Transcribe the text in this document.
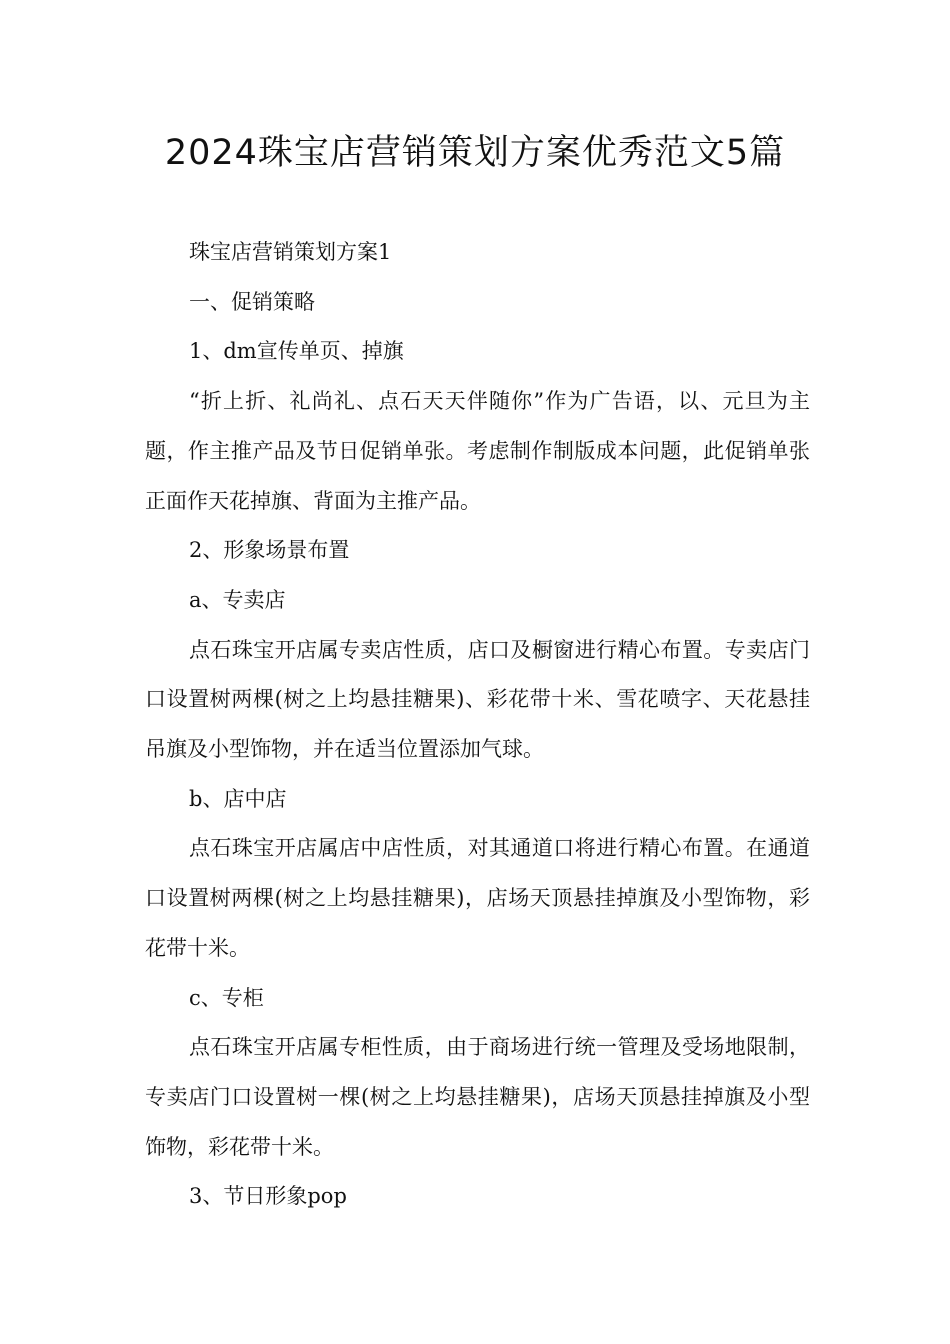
2024珠宝店营销策划方案优秀范文5篇

珠宝店营销策划方案1

一、促销策略

1、dm宣传单页、掉旗

“折上折、礼尚礼、点石天天伴随你”作为广告语，以、元旦为主题，作主推产品及节日促销单张。考虑制作制版成本问题，此促销单张正面作天花掉旗、背面为主推产品。

2、形象场景布置

a、专卖店

点石珠宝开店属专卖店性质，店口及橱窗进行精心布置。专卖店门口设置树两棵(树之上均悬挂糖果)、彩花带十米、雪花喷字、天花悬挂吊旗及小型饰物，并在适当位置添加气球。

b、店中店

点石珠宝开店属店中店性质，对其通道口将进行精心布置。在通道口设置树两棵(树之上均悬挂糖果)，店场天顶悬挂掉旗及小型饰物，彩花带十米。

c、专柜

点石珠宝开店属专柜性质，由于商场进行统一管理及受场地限制，专卖店门口设置树一棵(树之上均悬挂糖果)，店场天顶悬挂掉旗及小型饰物，彩花带十米。

3、节日形象pop
